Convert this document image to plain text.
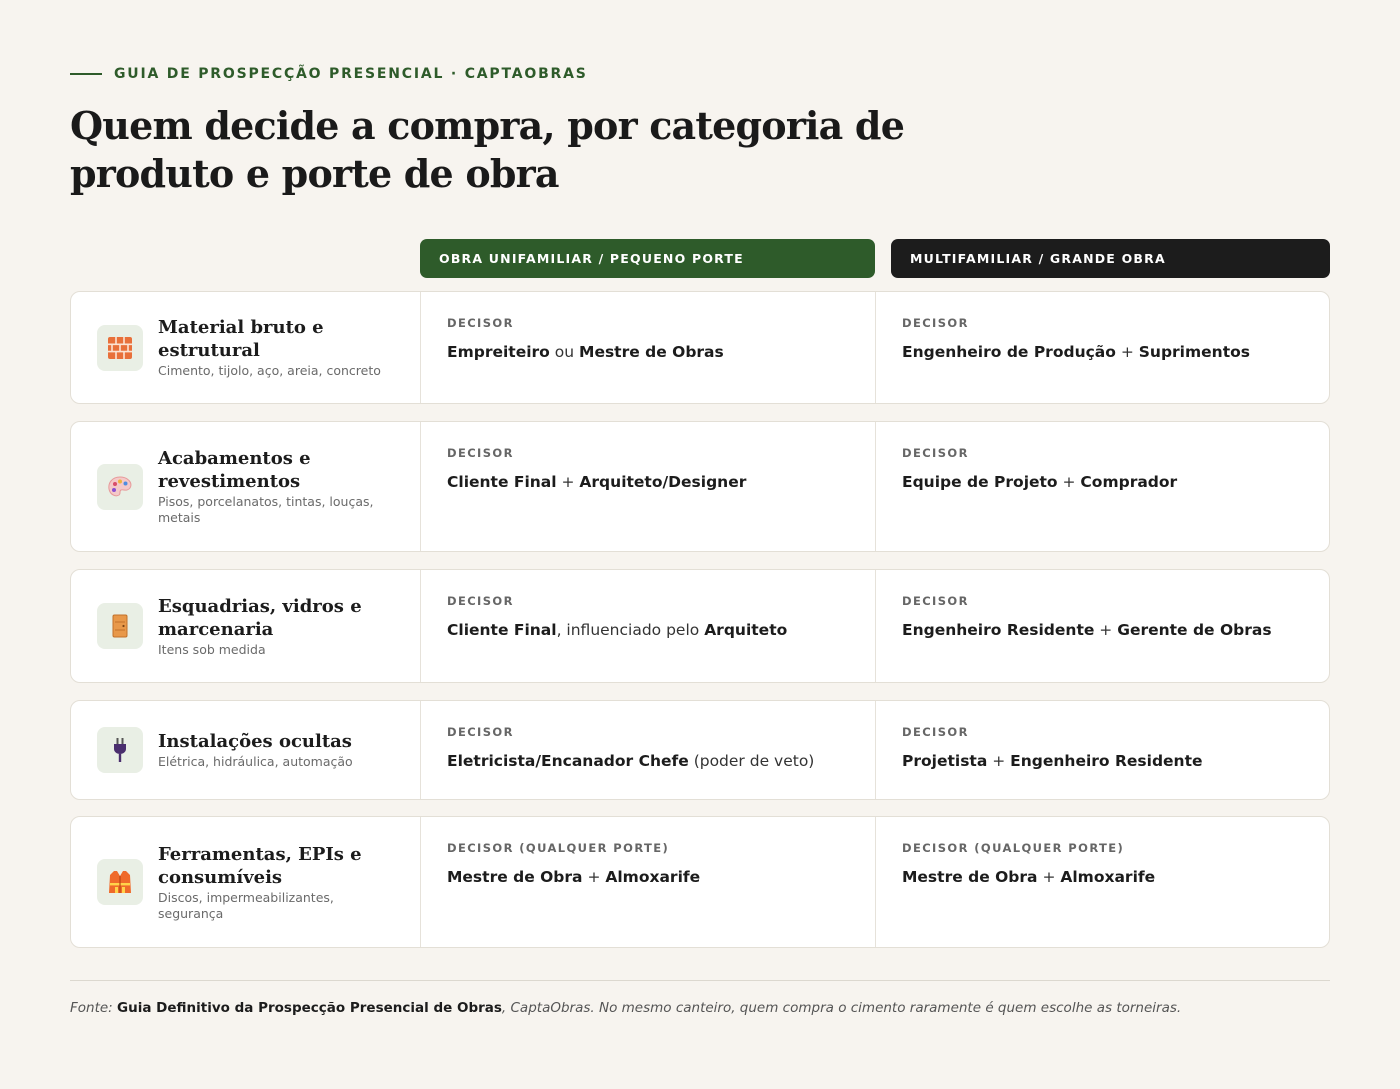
GUIA DE PROSPECÇÃO PRESENCIAL · CAPTAOBRAS
Quem decide a compra, por categoria de produto e porte de obra
OBRA UNIFAMILIAR / PEQUENO PORTE	MULTIFAMILIAR / GRANDE OBRA
Material bruto e estrutural
Cimento, tijolo, aço, areia, concreto
DECISOR
Empreiteiro ou Mestre de Obras
DECISOR
Engenheiro de Produção + Suprimentos
Acabamentos e revestimentos
Pisos, porcelanatos, tintas, louças, metais
DECISOR
Cliente Final + Arquiteto/Designer
DECISOR
Equipe de Projeto + Comprador
Esquadrias, vidros e marcenaria
Itens sob medida
DECISOR
Cliente Final, influenciado pelo Arquiteto
DECISOR
Engenheiro Residente + Gerente de Obras
Instalações ocultas
Elétrica, hidráulica, automação
DECISOR
Eletricista/Encanador Chefe (poder de veto)
DECISOR
Projetista + Engenheiro Residente
Ferramentas, EPIs e consumíveis
Discos, impermeabilizantes, segurança
DECISOR (QUALQUER PORTE)
Mestre de Obra + Almoxarife
DECISOR (QUALQUER PORTE)
Mestre de Obra + Almoxarife
Fonte: Guia Definitivo da Prospecção Presencial de Obras, CaptaObras. No mesmo canteiro, quem compra o cimento raramente é quem escolhe as torneiras.
